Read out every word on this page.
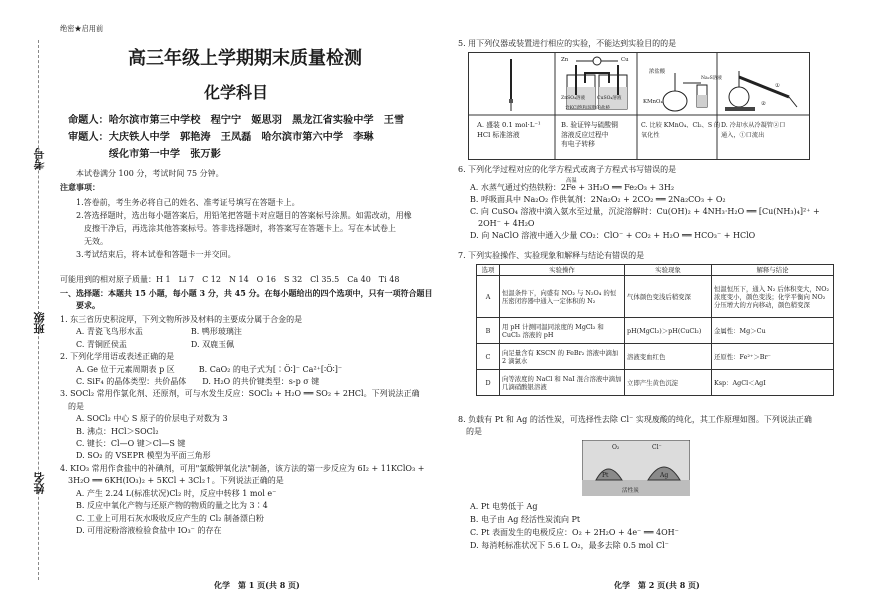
考号
班级
姓名
绝密★启用前
高三年级上学期期末质量检测
化学科目
命题人：哈尔滨市第三中学校　程宁宁　姬思羽　黑龙江省实验中学　王雪
审题人：大庆铁人中学　郭艳涛　王凤磊　哈尔滨市第六中学　李琳
　　　　绥化市第一中学　张万影
本试卷满分 100 分，考试时间 75 分钟。
注意事项：
1.答卷前，考生务必将自己的姓名、准考证号填写在答题卡上。
2.答选择题时，选出每小题答案后，用铅笔把答题卡对应题目的答案标号涂黑。如需改动，用橡
　皮擦干净后，再选涂其他答案标号。答非选择题时，将答案写在答题卡上。写在本试卷上
　无效。
3.考试结束后，将本试卷和答题卡一并交回。
可能用到的相对原子质量：H 1　Li 7　C 12　N 14　O 16　S 32　Cl 35.5　Ca 40　Ti 48
一、选择题：本题共 15 小题，每小题 3 分，共 45 分。在每小题给出的四个选项中，只有一项符合题目
要求。
1. 东三省历史积淀厚，下列文物所涉及材料的主要成分属于合金的是
A. 青瓷飞鸟形水盂　　　　　　B. 鸭形玻璃注
C. 青铜匠侯盂　　　　　　　　D. 双鹿玉佩
2. 下列化学用语或表述正确的是
A. Ge 位于元素周期表 p 区　　　B. CaO₂ 的电子式为[∶Ö∶]⁻ Ca²⁺[∶Ö∶]⁻
C. SiF₄ 的晶体类型：共价晶体　　D. H₂O 的共价键类型：s-p σ 键
3. SOCl₂ 常用作氯化剂、还原剂，可与水发生反应：SOCl₂ + H₂O ══ SO₂ + 2HCl。下列说法正确
　的是
A. SOCl₂ 中心 S 原子的价层电子对数为 3
B. 沸点：HCl＞SOCl₂
C. 键长：Cl—O 键＞Cl—S 键
D. SO₂ 的 VSEPR 模型为平面三角形
4. KIO₃ 常用作食盐中的补碘剂，可用"氯酸钾氧化法"制备，该方法的第一步反应为 6I₂ + 11KClO₃ +
　3H₂O ══ 6KH(IO₃)₂ + 5KCl + 3Cl₂↑。下列说法正确的是
A. 产生 2.24 L(标准状况)Cl₂ 时，反应中转移 1 mol e⁻
B. 反应中氧化产物与还原产物的物质的量之比为 3∶4
C. 工业上可用石灰水吸收反应产生的 Cl₂ 制备漂白粉
D. 可用淀粉溶液检验食盐中 IO₃⁻ 的存在
化学　第 1 页(共 8 页)
5. 用下列仪器或装置进行相应的实验，不能达到实验目的的是
Zn	Cu
ZnSO₄溶液	CuSO₄溶液
含KCl饱和琼脂的盐桥
浓盐酸
KMnO₄
Na₂S溶液
①
②
A. 盛装 0.1 mol·L⁻¹
HCl 标准溶液
B. 验证锌与硫酸铜
溶液反应过程中
有电子转移
C. 比较 KMnO₄、Cl₂、S 的
氧化性
D. 冷却水从冷凝管②口
通入，①口流出
6. 下列化学过程对应的化学方程式或离子方程式书写错误的是
高温
A. 水蒸气通过灼热铁粉：2Fe + 3H₂O ══ Fe₂O₃ + 3H₂
B. 呼吸面具中 Na₂O₂ 作供氧剂：2Na₂O₂ + 2CO₂ ══ 2Na₂CO₃ + O₂
C. 向 CuSO₄ 溶液中滴入氨水至过量，沉淀溶解时：Cu(OH)₂ + 4NH₃·H₂O ══ [Cu(NH₃)₄]²⁺ +
　2OH⁻ + 4H₂O
D. 向 NaClO 溶液中通入少量 CO₂：ClO⁻ + CO₂ + H₂O ══ HCO₃⁻ + HClO
7. 下列实验操作、实验现象和解释与结论有错误的是
选项	实验操作	实验现象	解释与结论
A	恒温条件下，向盛有 NO₂ 与 N₂O₄ 的恒压密闭容器中通入一定体积的 N₂	气体颜色变浅后稍变深	恒温恒压下，通入 N₂ 后体积变大，NO₂ 浓度变小，颜色变浅；化学平衡向 NO₂ 分压增大的方向移动，颜色稍变深
B	用 pH 计测同温同浓度的 MgCl₂ 和 CuCl₂ 溶液的 pH	pH(MgCl₂)＞pH(CuCl₂)	金属性：Mg＞Cu
C	向足量含有 KSCN 的 FeBr₂ 溶液中滴加 2 滴氯水	溶液变血红色	还原性：Fe²⁺＞Br⁻
D	向等浓度的 NaCl 和 NaI 混合溶液中滴加几滴硝酸银溶液	立即产生黄色沉淀	Ksp：AgCl＜AgI
8. 负载有 Pt 和 Ag 的活性炭，可选择性去除 Cl⁻ 实现废酸的纯化，其工作原理如图。下列说法正确
　的是
O₂	Cl⁻
Pt	Ag
活性炭
A. Pt 电势低于 Ag
B. 电子由 Ag 经活性炭流向 Pt
C. Pt 表面发生的电极反应：O₂ + 2H₂O + 4e⁻ ══ 4OH⁻
D. 每消耗标准状况下 5.6 L O₂，最多去除 0.5 mol Cl⁻
化学　第 2 页(共 8 页)
